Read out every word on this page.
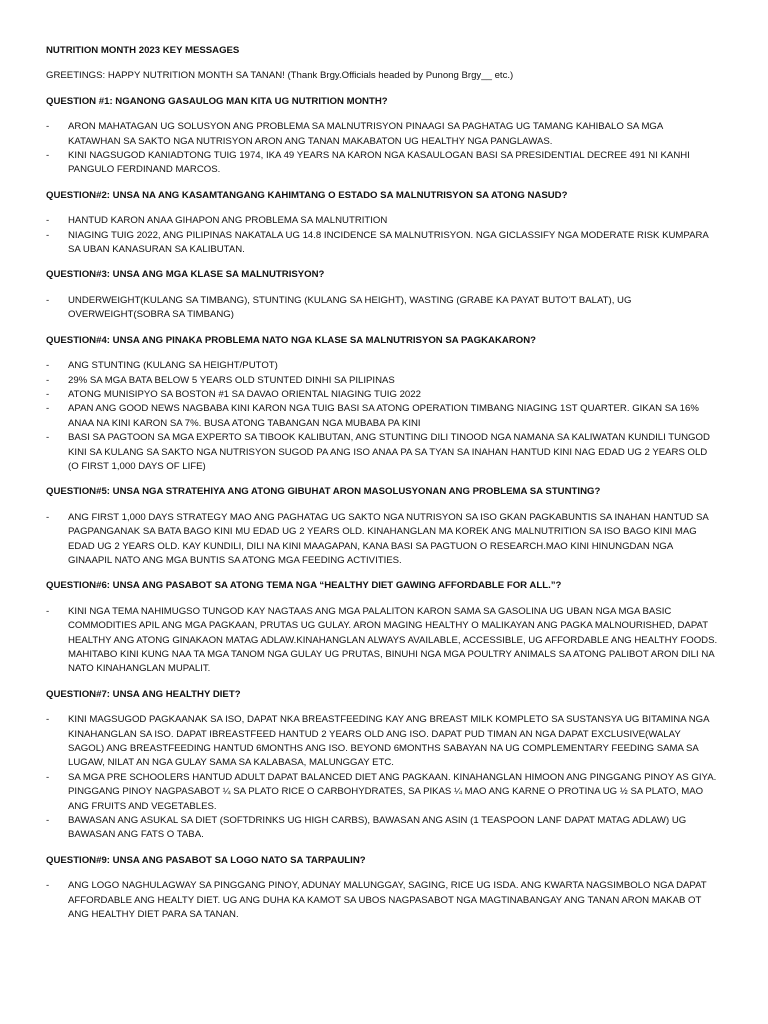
NUTRITION MONTH 2023 KEY MESSAGES

GREETINGS: HAPPY NUTRITION MONTH SA TANAN! (Thank Brgy.Officials headed by Punong Brgy__ etc.)

QUESTION #1: NGANONG GASAULOG MAN KITA UG NUTRITION MONTH?

- ARON MAHATAGAN UG SOLUSYON ANG PROBLEMA SA MALNUTRISYON PINAAGI SA PAGHATAG UG TAMANG KAHIBALO SA MGA KATAWHAN SA SAKTO NGA NUTRISYON ARON ANG TANAN MAKABATON UG HEALTHY NGA PANGLAWAS.
- KINI NAGSUGOD KANIADTONG TUIG 1974, IKA 49 YEARS NA KARON NGA KASAULOGAN BASI SA PRESIDENTIAL DECREE 491 NI KANHI PANGULO FERDINAND MARCOS.

QUESTION#2: UNSA NA ANG KASAMTANGANG KAHIMTANG O ESTADO SA MALNUTRISYON SA ATONG NASUD?

- HANTUD KARON ANAA GIHAPON ANG PROBLEMA SA MALNUTRITION
- NIAGING TUIG 2022, ANG PILIPINAS NAKATALA UG 14.8 INCIDENCE SA MALNUTRISYON. NGA GICLASSIFY NGA MODERATE RISK KUMPARA SA UBAN KANASURAN SA KALIBUTAN.

QUESTION#3: UNSA ANG MGA KLASE SA MALNUTRISYON?

- UNDERWEIGHT(KULANG SA TIMBANG), STUNTING (KULANG SA HEIGHT), WASTING (GRABE KA PAYAT BUTO’T BALAT), UG OVERWEIGHT(SOBRA SA TIMBANG)

QUESTION#4: UNSA ANG PINAKA PROBLEMA NATO NGA KLASE SA MALNUTRISYON SA PAGKAKARON?

- ANG STUNTING (KULANG SA HEIGHT/PUTOT)
- 29% SA MGA BATA BELOW 5 YEARS OLD STUNTED DINHI SA PILIPINAS
- ATONG MUNISIPYO SA BOSTON #1 SA DAVAO ORIENTAL NIAGING TUIG 2022
- APAN ANG GOOD NEWS NAGBABA KINI KARON NGA TUIG BASI SA ATONG OPERATION TIMBANG NIAGING 1ST QUARTER. GIKAN SA 16% ANAA NA KINI KARON SA 7%. BUSA ATONG TABANGAN NGA MUBABA PA KINI
- BASI SA PAGTOON SA MGA EXPERTO SA TIBOOK KALIBUTAN, ANG STUNTING DILI TINOOD NGA NAMANA SA KALIWATAN KUNDILI TUNGOD KINI SA KULANG SA SAKTO NGA NUTRISYON SUGOD PA ANG ISO ANAA PA SA TYAN SA INAHAN HANTUD KINI NAG EDAD UG 2 YEARS OLD (O FIRST 1,000 DAYS OF LIFE)

QUESTION#5: UNSA NGA STRATEHIYA ANG ATONG GIBUHAT ARON MASOLUSYONAN ANG PROBLEMA SA STUNTING?

- ANG FIRST 1,000 DAYS STRATEGY MAO ANG PAGHATAG UG SAKTO NGA NUTRISYON SA ISO GKAN PAGKABUNTIS SA INAHAN HANTUD SA PAGPANGANAK SA BATA BAGO KINI MU EDAD UG 2 YEARS OLD. KINAHANGLAN MA KOREK ANG MALNUTRITION SA ISO BAGO KINI MAG EDAD UG 2 YEARS OLD. KAY KUNDILI, DILI NA KINI MAAGAPAN, KANA BASI SA PAGTUON O RESEARCH.MAO KINI HINUNGDAN NGA GINAAPIL NATO ANG MGA BUNTIS SA ATONG MGA FEEDING ACTIVITIES.

QUESTION#6: UNSA ANG PASABOT SA ATONG TEMA NGA “HEALTHY DIET GAWING AFFORDABLE FOR ALL.”?

- KINI NGA TEMA NAHIMUGSO TUNGOD KAY NAGTAAS ANG MGA PALALITON KARON SAMA SA GASOLINA UG UBAN NGA MGA BASIC COMMODITIES APIL ANG MGA PAGKAAN, PRUTAS UG GULAY. ARON MAGING HEALTHY O MALIKAYAN ANG PAGKA MALNOURISHED, DAPAT HEALTHY ANG ATONG GINAKAON MATAG ADLAW.KINAHANGLAN ALWAYS AVAILABLE, ACCESSIBLE, UG AFFORDABLE ANG HEALTHY FOODS. MAHITABO KINI KUNG NAA TA MGA TANOM NGA GULAY UG PRUTAS, BINUHI NGA MGA POULTRY ANIMALS SA ATONG PALIBOT ARON DILI NA NATO KINAHANGLAN MUPALIT.

QUESTION#7: UNSA ANG HEALTHY DIET?

- KINI MAGSUGOD PAGKAANAK SA ISO, DAPAT NKA BREASTFEEDING KAY ANG BREAST MILK KOMPLETO SA SUSTANSYA UG BITAMINA NGA KINAHANGLAN SA ISO. DAPAT IBREASTFEED HANTUD 2 YEARS OLD ANG ISO. DAPAT PUD TIMAN AN NGA DAPAT EXCLUSIVE(WALAY SAGOL) ANG BREASTFEEDING HANTUD 6MONTHS ANG ISO. BEYOND 6MONTHS SABAYAN NA UG COMPLEMENTARY FEEDING SAMA SA LUGAW, NILAT AN NGA GULAY SAMA SA KALABASA, MALUNGGAY ETC.
- SA MGA PRE SCHOOLERS HANTUD ADULT DAPAT BALANCED DIET ANG PAGKAAN. KINAHANGLAN HIMOON ANG PINGGANG PINOY AS GIYA. PINGGANG PINOY NAGPASABOT ¼ SA PLATO RICE O CARBOHYDRATES, SA PIKAS ¼ MAO ANG KARNE O PROTINA UG ½ SA PLATO, MAO ANG FRUITS AND VEGETABLES.
- BAWASAN ANG ASUKAL SA DIET (SOFTDRINKS UG HIGH CARBS), BAWASAN ANG ASIN (1 TEASPOON LANF DAPAT MATAG ADLAW) UG BAWASAN ANG FATS O TABA.

QUESTION#9: UNSA ANG PASABOT SA LOGO NATO SA TARPAULIN?

- ANG LOGO NAGHULAGWAY SA PINGGANG PINOY, ADUNAY MALUNGGAY, SAGING, RICE UG ISDA. ANG KWARTA NAGSIMBOLO NGA DAPAT AFFORDABLE ANG HEALTY DIET. UG ANG DUHA KA KAMOT SA UBOS NAGPASABOT NGA MAGTINABANGAY ANG TANAN ARON MAKAB OT ANG HEALTHY DIET PARA SA TANAN.
